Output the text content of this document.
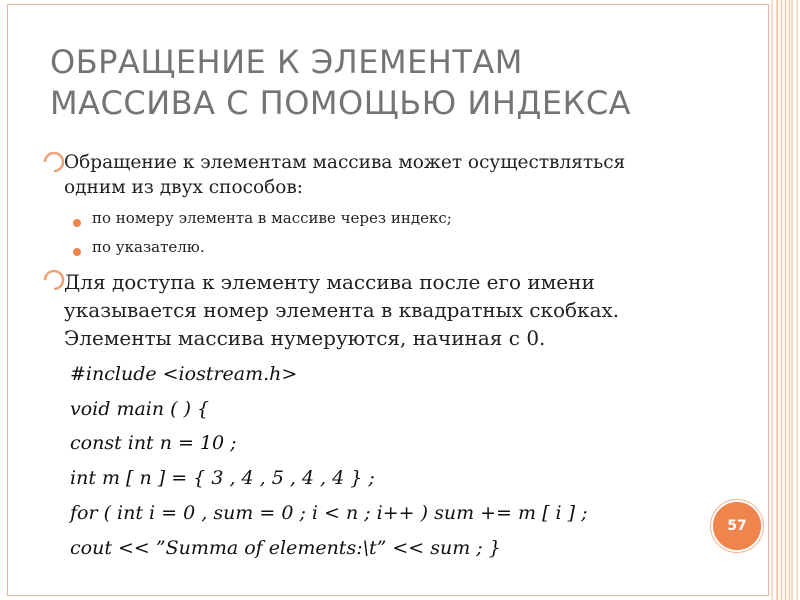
ОБРАЩЕНИЕ К ЭЛЕМЕНТАМ
МАССИВА С ПОМОЩЬЮ ИНДЕКСА
Обращение к элементам массива может осуществляться
одним из двух способов:
по номеру элемента в массиве через индекс;
по указателю.
Для доступа к элементу массива после его имени
указывается номер элемента в квадратных скобках.
Элементы массива нумеруются, начиная с 0.
#include <iostream.h>
void main ( ) {
const int n = 10 ;
int m [ n ] = { 3 , 4 , 5 , 4 , 4 } ;
for ( int i = 0 , sum = 0 ; i < n ; i++ ) sum += m [ i ] ;
cout << ”Summa of elements:\t” << sum ; }
57
